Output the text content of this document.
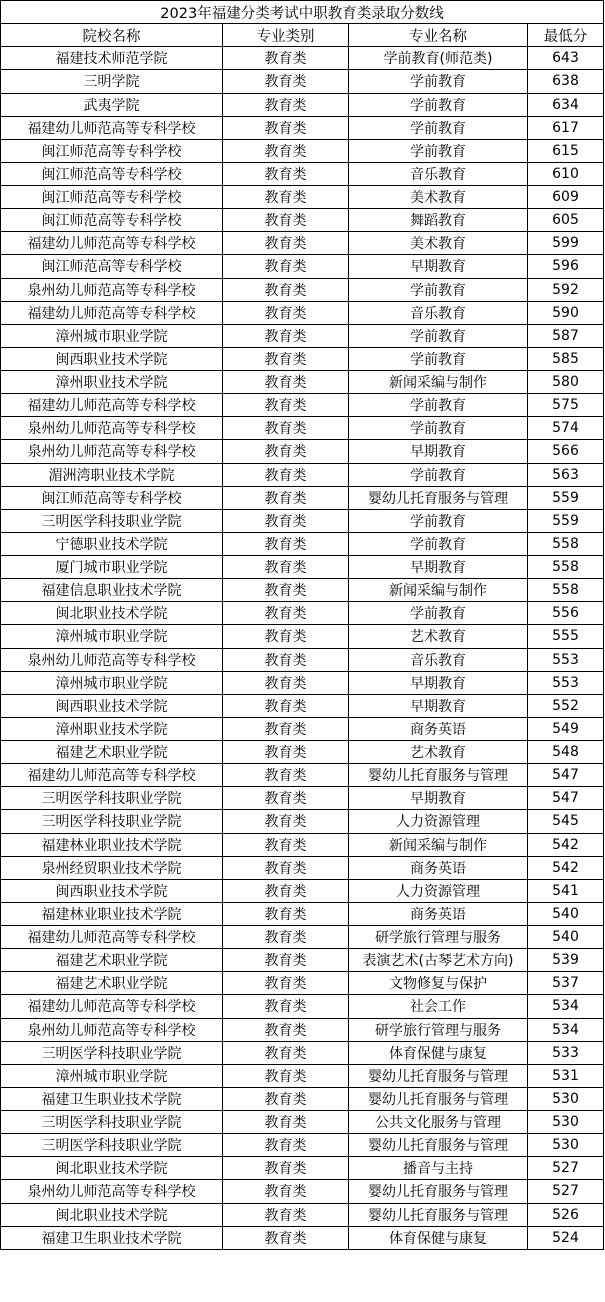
2023年福建分类考试中职教育类录取分数线
院校名称	专业类别	专业名称	最低分
福建技术师范学院	教育类	学前教育(师范类)	643
三明学院	教育类	学前教育	638
武夷学院	教育类	学前教育	634
福建幼儿师范高等专科学校	教育类	学前教育	617
闽江师范高等专科学校	教育类	学前教育	615
闽江师范高等专科学校	教育类	音乐教育	610
闽江师范高等专科学校	教育类	美术教育	609
闽江师范高等专科学校	教育类	舞蹈教育	605
福建幼儿师范高等专科学校	教育类	美术教育	599
闽江师范高等专科学校	教育类	早期教育	596
泉州幼儿师范高等专科学校	教育类	学前教育	592
福建幼儿师范高等专科学校	教育类	音乐教育	590
漳州城市职业学院	教育类	学前教育	587
闽西职业技术学院	教育类	学前教育	585
漳州职业技术学院	教育类	新闻采编与制作	580
福建幼儿师范高等专科学校	教育类	学前教育	575
泉州幼儿师范高等专科学校	教育类	学前教育	574
泉州幼儿师范高等专科学校	教育类	早期教育	566
湄洲湾职业技术学院	教育类	学前教育	563
闽江师范高等专科学校	教育类	婴幼儿托育服务与管理	559
三明医学科技职业学院	教育类	学前教育	559
宁德职业技术学院	教育类	学前教育	558
厦门城市职业学院	教育类	早期教育	558
福建信息职业技术学院	教育类	新闻采编与制作	558
闽北职业技术学院	教育类	学前教育	556
漳州城市职业学院	教育类	艺术教育	555
泉州幼儿师范高等专科学校	教育类	音乐教育	553
漳州城市职业学院	教育类	早期教育	553
闽西职业技术学院	教育类	早期教育	552
漳州职业技术学院	教育类	商务英语	549
福建艺术职业学院	教育类	艺术教育	548
福建幼儿师范高等专科学校	教育类	婴幼儿托育服务与管理	547
三明医学科技职业学院	教育类	早期教育	547
三明医学科技职业学院	教育类	人力资源管理	545
福建林业职业技术学院	教育类	新闻采编与制作	542
泉州经贸职业技术学院	教育类	商务英语	542
闽西职业技术学院	教育类	人力资源管理	541
福建林业职业技术学院	教育类	商务英语	540
福建幼儿师范高等专科学校	教育类	研学旅行管理与服务	540
福建艺术职业学院	教育类	表演艺术(古琴艺术方向)	539
福建艺术职业学院	教育类	文物修复与保护	537
福建幼儿师范高等专科学校	教育类	社会工作	534
泉州幼儿师范高等专科学校	教育类	研学旅行管理与服务	534
三明医学科技职业学院	教育类	体育保健与康复	533
漳州城市职业学院	教育类	婴幼儿托育服务与管理	531
福建卫生职业技术学院	教育类	婴幼儿托育服务与管理	530
三明医学科技职业学院	教育类	公共文化服务与管理	530
三明医学科技职业学院	教育类	婴幼儿托育服务与管理	530
闽北职业技术学院	教育类	播音与主持	527
泉州幼儿师范高等专科学校	教育类	婴幼儿托育服务与管理	527
闽北职业技术学院	教育类	婴幼儿托育服务与管理	526
福建卫生职业技术学院	教育类	体育保健与康复	524
